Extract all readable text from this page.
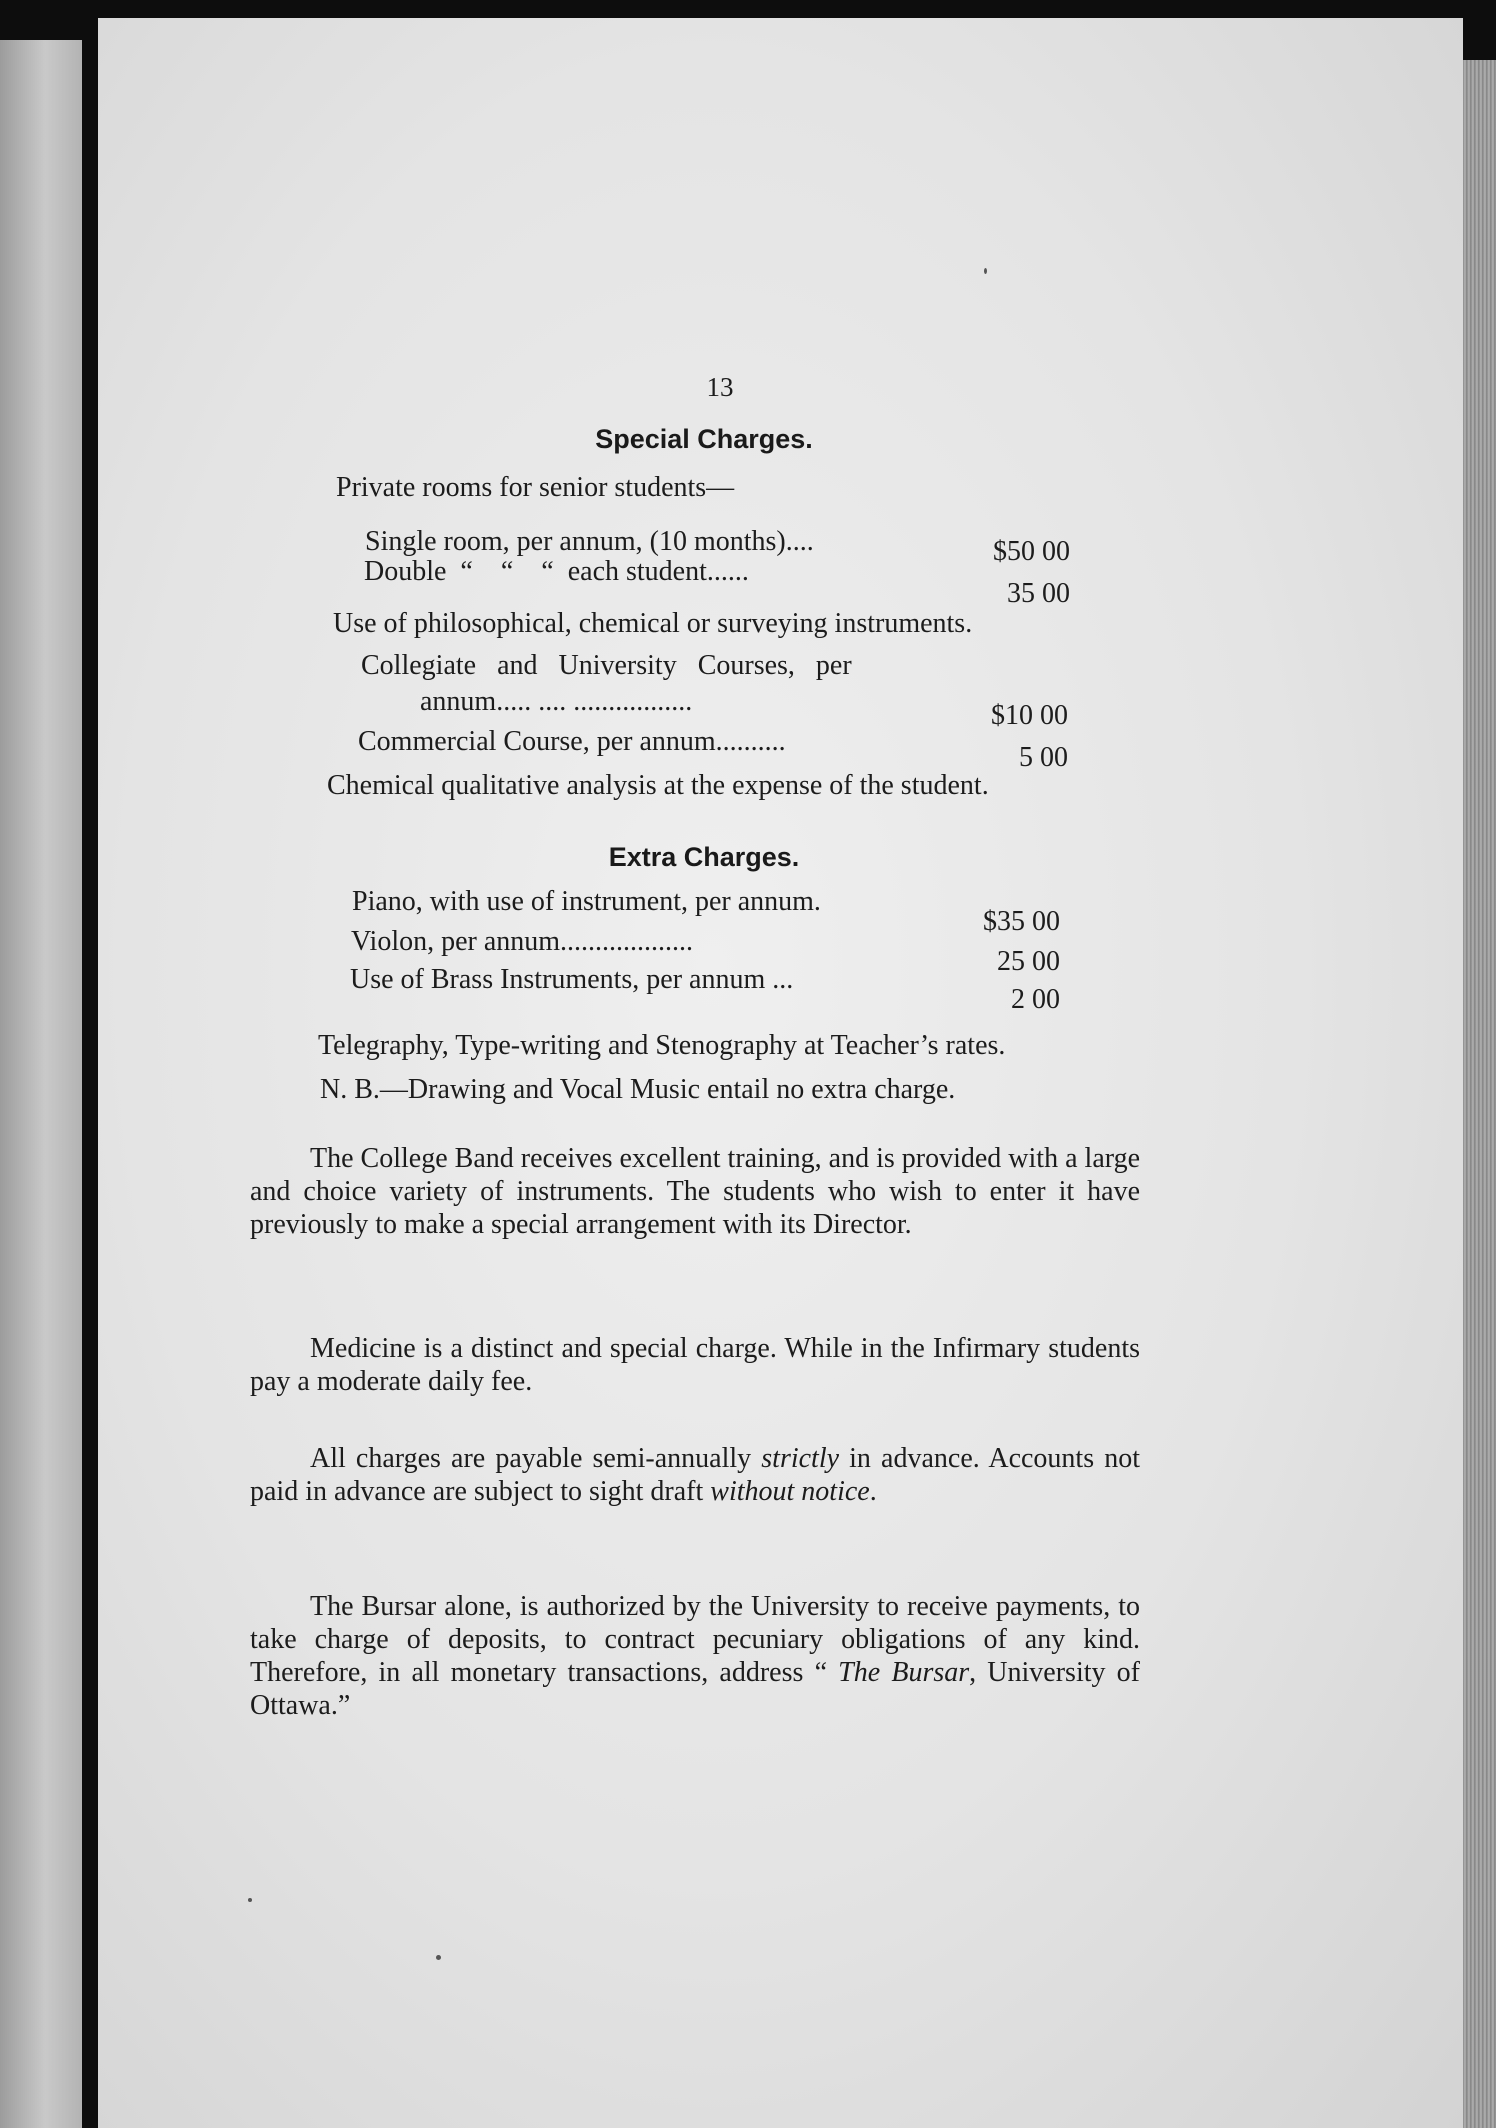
13
Special Charges.
Private rooms for senior students—
Single room, per annum, (10 months)....	$50 00
Double  “    “    “  each student......
35 00
Use of philosophical, chemical or surveying instruments.
Collegiate and University Courses, per
annum..... .... .................	$10 00
Commercial Course, per annum..........
5 00
Chemical qualitative analysis at the expense of the student.
Extra Charges.
Piano, with use of instrument, per annum.
$35 00
Violon, per annum...................
25 00
Use of Brass Instruments, per annum ...
2 00
Telegraphy, Type-writing and Stenography at Teacher’s rates.
N. B.—Drawing and Vocal Music entail no extra charge.
The College Band receives excellent training, and is provided with a large and choice variety of instruments. The students who wish to enter it have previously to make a special arrangement with its Director.
Medicine is a distinct and special charge. While in the Infirmary students pay a moderate daily fee.
All charges are payable semi-annually strictly in advance. Accounts not paid in advance are subject to sight draft without notice.
The Bursar alone, is authorized by the University to receive payments, to take charge of deposits, to contract pecuniary obligations of any kind. Therefore, in all monetary transactions, address “ The Bursar, University of Ottawa.”
